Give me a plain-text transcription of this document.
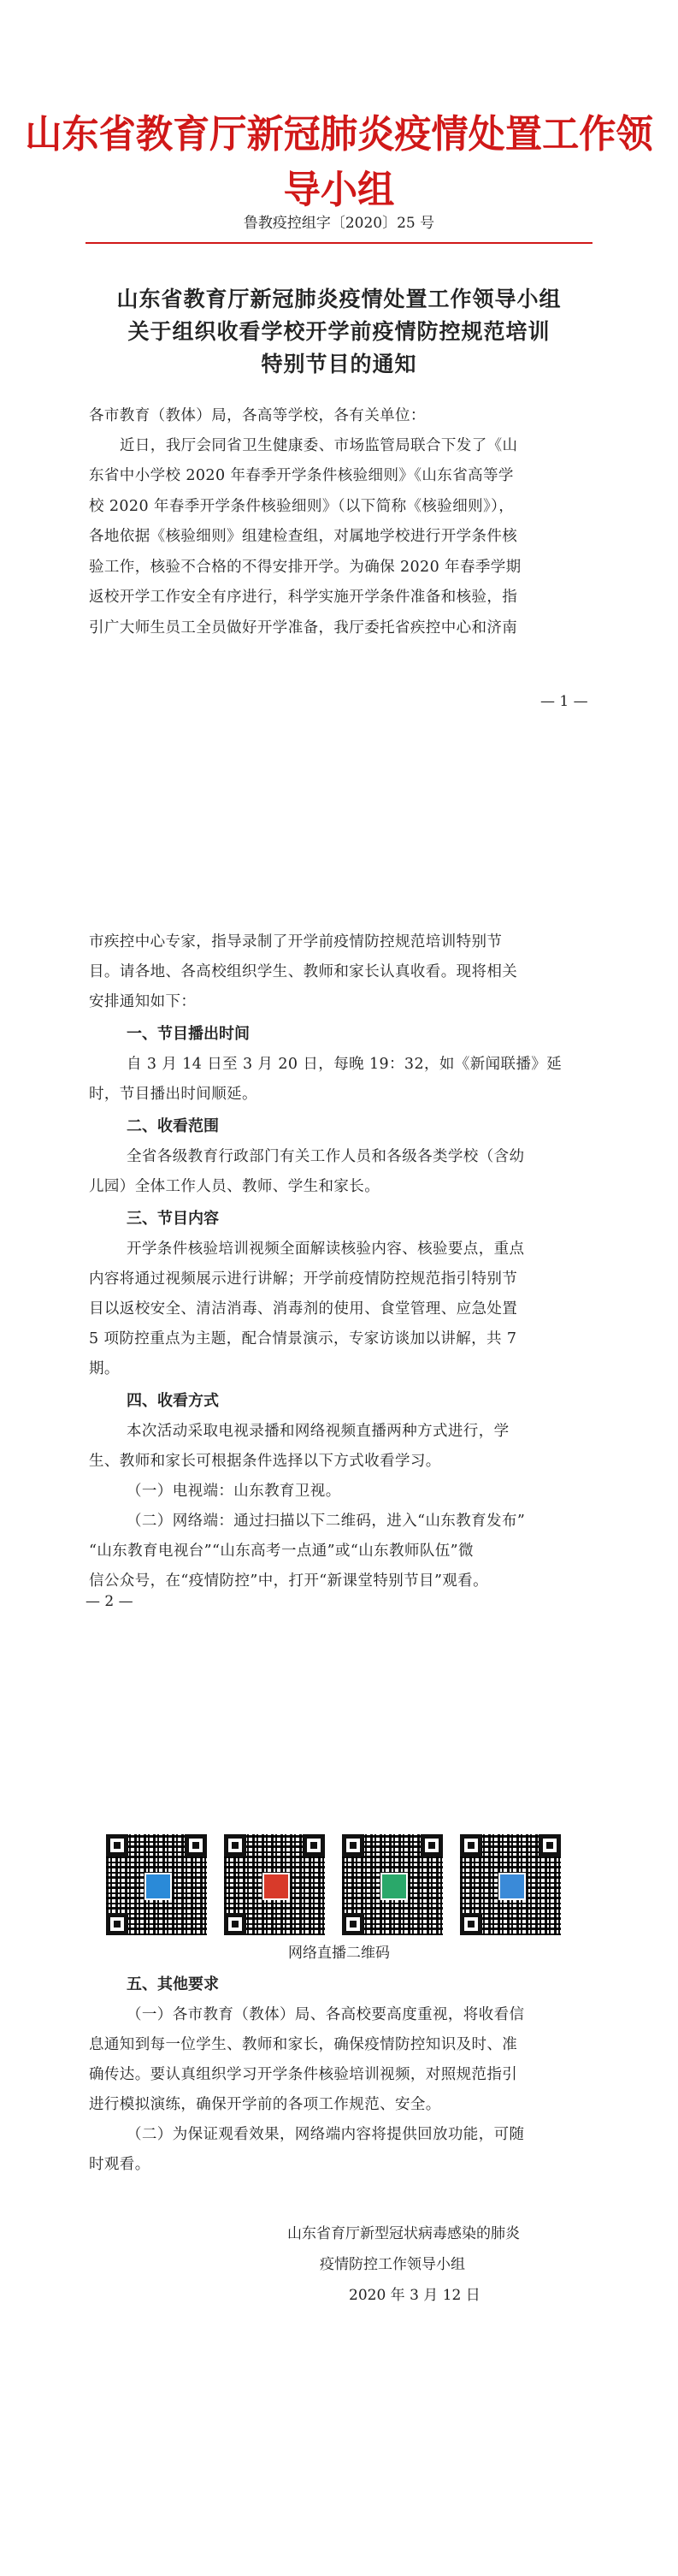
山东省教育厅新冠肺炎疫情处置工作领导小组
鲁教疫控组字〔2020〕25 号
山东省教育厅新冠肺炎疫情处置工作领导小组
关于组织收看学校开学前疫情防控规范培训
特别节目的通知
各市教育（教体）局，各高等学校，各有关单位：
近日，我厅会同省卫生健康委、市场监管局联合下发了《山
东省中小学校 2020 年春季开学条件核验细则》《山东省高等学
校 2020 年春季开学条件核验细则》（以下简称《核验细则》），
各地依据《核验细则》组建检查组，对属地学校进行开学条件核
验工作，核验不合格的不得安排开学。为确保 2020 年春季学期
返校开学工作安全有序进行，科学实施开学条件准备和核验，指
引广大师生员工全员做好开学准备，我厅委托省疾控中心和济南
— 1 —
市疾控中心专家，指导录制了开学前疫情防控规范培训特别节
目。请各地、各高校组织学生、教师和家长认真收看。现将相关
安排通知如下：
一、节目播出时间
自 3 月 14 日至 3 月 20 日，每晚 19：32，如《新闻联播》延
时，节目播出时间顺延。
二、收看范围
全省各级教育行政部门有关工作人员和各级各类学校（含幼
儿园）全体工作人员、教师、学生和家长。
三、节目内容
开学条件核验培训视频全面解读核验内容、核验要点，重点
内容将通过视频展示进行讲解；开学前疫情防控规范指引特别节
目以返校安全、清洁消毒、消毒剂的使用、食堂管理、应急处置
5 项防控重点为主题，配合情景演示，专家访谈加以讲解，共 7
期。
四、收看方式
本次活动采取电视录播和网络视频直播两种方式进行，学
生、教师和家长可根据条件选择以下方式收看学习。
（一）电视端：山东教育卫视。
（二）网络端：通过扫描以下二维码，进入“山东教育发布”
“山东教育电视台”“山东高考一点通”或“山东教师队伍”微
信公众号，在“疫情防控”中，打开“新课堂特别节目”观看。
— 2 —
网络直播二维码
五、其他要求
（一）各市教育（教体）局、各高校要高度重视，将收看信
息通知到每一位学生、教师和家长，确保疫情防控知识及时、准
确传达。要认真组织学习开学条件核验培训视频，对照规范指引
进行模拟演练，确保开学前的各项工作规范、安全。
（二）为保证观看效果，网络端内容将提供回放功能，可随
时观看。
山东省育厅新型冠状病毒感染的肺炎
疫情防控工作领导小组
2020 年 3 月 12 日
